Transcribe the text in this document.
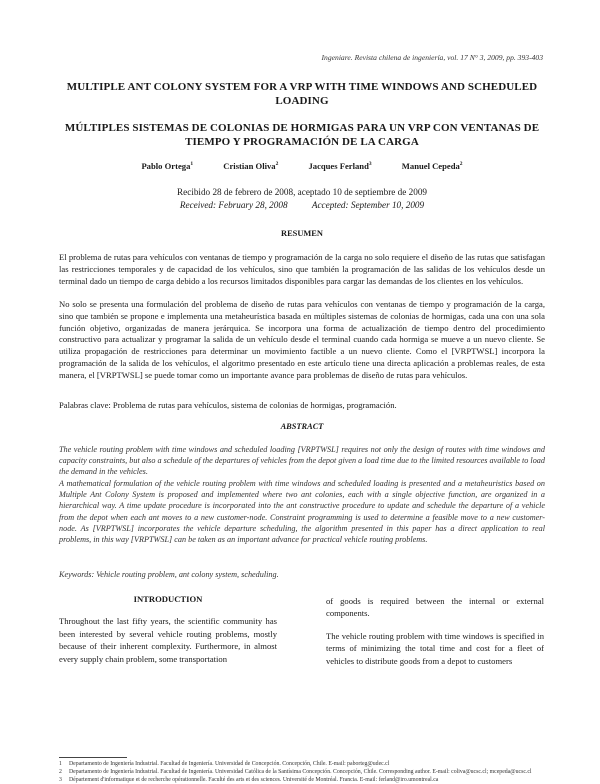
Ingeniare. Revista chilena de ingeniería, vol. 17 N° 3, 2009, pp. 393-403
MULTIPLE ANT COLONY SYSTEM FOR A VRP WITH TIME WINDOWS AND SCHEDULED LOADING
MÚLTIPLES SISTEMAS DE COLONIAS DE HORMIGAS PARA UN VRP CON VENTANAS DE TIEMPO Y PROGRAMACIÓN DE LA CARGA
Pablo Ortega$^1$	Cristian Oliva$^2$	Jacques Ferland$^3$	Manuel Cepeda$^2$
Recibido 28 de febrero de 2008, aceptado 10 de septiembre de 2009
Received: February 28, 2008	Accepted: September 10, 2009
RESUMEN

El problema de rutas para vehículos con ventanas de tiempo y programación de la carga no solo requiere el diseño de las rutas que satisfagan las restricciones temporales y de capacidad de los vehículos, sino que también la programación de las salidas de los vehículos desde un terminal dado un tiempo de carga debido a los recursos limitados disponibles para cargar las demandas de los clientes en los vehículos.

No solo se presenta una formulación del problema de diseño de rutas para vehículos con ventanas de tiempo y programación de la carga, sino que también se propone e implementa una metaheurística basada en múltiples sistemas de colonias de hormigas, cada una con una sola función objetivo, organizadas de manera jerárquica. Se incorpora una forma de actualización de tiempo dentro del procedimiento constructivo para actualizar y programar la salida de un vehículo desde el terminal cuando cada hormiga se mueve a un nuevo cliente. Se utiliza propagación de restricciones para determinar un movimiento factible a un nuevo cliente. Como el [VRPTWSL] incorpora la programación de la salida de los vehículos, el algoritmo presentado en este artículo tiene una directa aplicación a problemas reales, de esta manera, el [VRPTWSL] se puede tomar como un importante avance para problemas de diseño de rutas para vehículos.

Palabras clave: Problema de rutas para vehículos, sistema de colonias de hormigas, programación.

ABSTRACT

The vehicle routing problem with time windows and scheduled loading [VRPTWSL] requires not only the design of routes with time windows and capacity constraints, but also a schedule of the departures of vehicles from the depot given a load time due to the limited resources available to load the demand in the vehicles.

A mathematical formulation of the vehicle routing problem with time windows and scheduled loading is presented and a metaheuristics based on Multiple Ant Colony System is proposed and implemented where two ant colonies, each with a single objective function, are organized in a hierarchical way. A time update procedure is incorporated into the ant constructive procedure to update and schedule the departure of a vehicle from the depot when each ant moves to a new customer-node. Constraint programming is used to determine a feasible move to a new customer-node. As [VRPTWSL] incorporates the vehicle departure scheduling, the algorithm presented in this paper has a direct application to real problems, in this way [VRPTWSL] can be taken as an important advance for practical vehicle routing problems.

Keywords: Vehicle routing problem, ant colony system, scheduling.

INTRODUCTION

Throughout the last fifty years, the scientific community has been interested by several vehicle routing problems, mostly because of their inherent complexity. Furthermore, in almost every supply chain problem, some transportation

of goods is required between the internal or external components.

The vehicle routing problem with time windows is specified in terms of minimizing the total time and cost for a fleet of vehicles to distribute goods from a depot to customers

1	Departamento de Ingeniería Industrial. Facultad de Ingeniería. Universidad de Concepción. Concepción, Chile. E-mail: paborteg@udec.cl
2	Departamento de Ingeniería Industrial. Facultad de Ingeniería. Universidad Católica de la Santísima Concepción. Concepción, Chile. Corresponding author. E-mail: coliva@ucsc.cl; mcepeda@ucsc.cl
3	Département d'informatique et de recherche opérationnelle. Faculté des arts et des sciences. Université de Montréal. Francia. E-mail: ferland@iro.umontreal.ca
